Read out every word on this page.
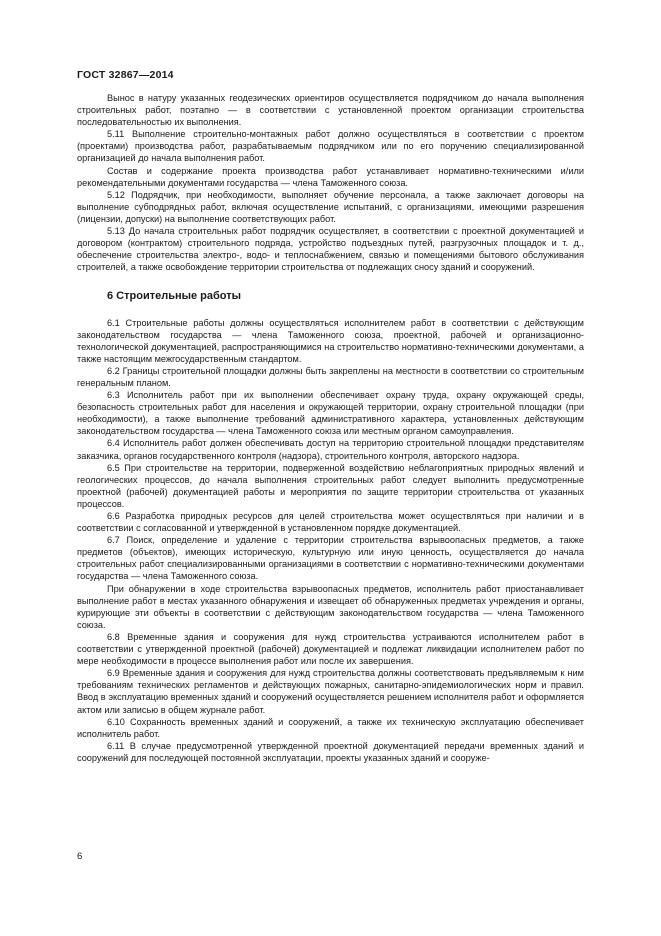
ГОСТ 32867—2014

Вынос в натуру указанных геодезических ориентиров осуществляется подрядчиком до начала выполнения строительных работ, поэтапно — в соответствии с установленной проектом организации строительства последовательностью их выполнения.

5.11 Выполнение строительно-монтажных работ должно осуществляться в соответствии с проектом (проектами) производства работ, разрабатываемым подрядчиком или по его поручению специализированной организацией до начала выполнения работ.

Состав и содержание проекта производства работ устанавливает нормативно-техническими и/или рекомендательными документами государства — члена Таможенного союза.

5.12 Подрядчик, при необходимости, выполняет обучение персонала, а также заключает договоры на выполнение субподрядных работ, включая осуществление испытаний, с организациями, имеющими разрешения (лицензии, допуски) на выполнение соответствующих работ.

5.13 До начала строительных работ подрядчик осуществляет, в соответствии с проектной документацией и договором (контрактом) строительного подряда, устройство подъездных путей, разгрузочных площадок и т. д., обеспечение строительства электро-, водо- и теплоснабжением, связью и помещениями бытового обслуживания строителей, а также освобождение территории строительства от подлежащих сносу зданий и сооружений.

6 Строительные работы

6.1 Строительные работы должны осуществляться исполнителем работ в соответствии с действующим законодательством государства — члена Таможенного союза, проектной, рабочей и организационно-технологической документацией, распространяющимися на строительство нормативно-техническими документами, а также настоящим межгосударственным стандартом.

6.2 Границы строительной площадки должны быть закреплены на местности в соответствии со строительным генеральным планом.

6.3 Исполнитель работ при их выполнении обеспечивает охрану труда, охрану окружающей среды, безопасность строительных работ для населения и окружающей территории, охрану строительной площадки (при необходимости), а также выполнение требований административного характера, установленных действующим законодательством государства — члена Таможенного союза или местным органом самоуправления.

6.4 Исполнитель работ должен обеспечивать доступ на территорию строительной площадки представителям заказчика, органов государственного контроля (надзора), строительного контроля, авторского надзора.

6.5 При строительстве на территории, подверженной воздействию неблагоприятных природных явлений и геологических процессов, до начала выполнения строительных работ следует выполнить предусмотренные проектной (рабочей) документацией работы и мероприятия по защите территории строительства от указанных процессов.

6.6 Разработка природных ресурсов для целей строительства может осуществляться при наличии и в соответствии с согласованной и утвержденной в установленном порядке документацией.

6.7 Поиск, определение и удаление с территории строительства взрывоопасных предметов, а также предметов (объектов), имеющих историческую, культурную или иную ценность, осуществляется до начала строительных работ специализированными организациями в соответствии с нормативно-техническими документами государства — члена Таможенного союза.

При обнаружении в ходе строительства взрывоопасных предметов, исполнитель работ приостанавливает выполнение работ в местах указанного обнаружения и извещает об обнаруженных предметах учреждения и органы, курирующие эти объекты в соответствии с действующим законодательством государства — члена Таможенного союза.

6.8 Временные здания и сооружения для нужд строительства устраиваются исполнителем работ в соответствии с утвержденной проектной (рабочей) документацией и подлежат ликвидации исполнителем работ по мере необходимости в процессе выполнения работ или после их завершения.

6.9 Временные здания и сооружения для нужд строительства должны соответствовать предъявляемым к ним требованиям технических регламентов и действующих пожарных, санитарно-эпидемиологических норм и правил. Ввод в эксплуатацию временных зданий и сооружений осуществляется решением исполнителя работ и оформляется актом или записью в общем журнале работ.

6.10 Сохранность временных зданий и сооружений, а также их техническую эксплуатацию обеспечивает исполнитель работ.

6.11 В случае предусмотренной утвержденной проектной документацией передачи временных зданий и сооружений для последующей постоянной эксплуатации, проекты указанных зданий и сооруже-

6
